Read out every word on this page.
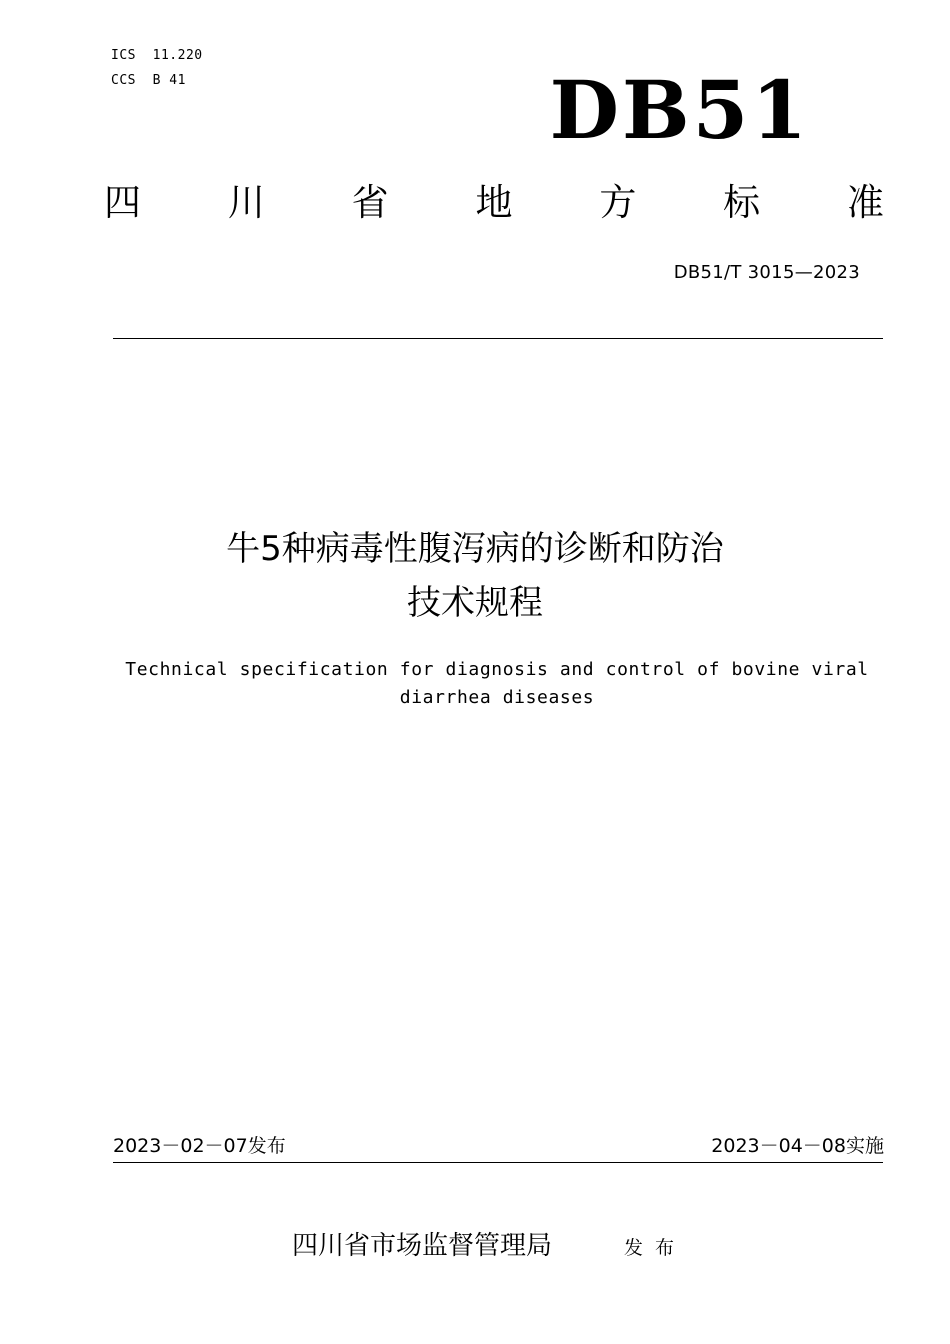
ICS  11.220
CCS  B 41	DB51
四 川 省 地 方 标 准
DB51/T 3015—2023
牛5种病毒性腹泻病的诊断和防治
技术规程
Technical specification for diagnosis and control of bovine viral
diarrhea diseases
2023－02－07发布	2023－04－08实施
四川省市场监督管理局	发布
